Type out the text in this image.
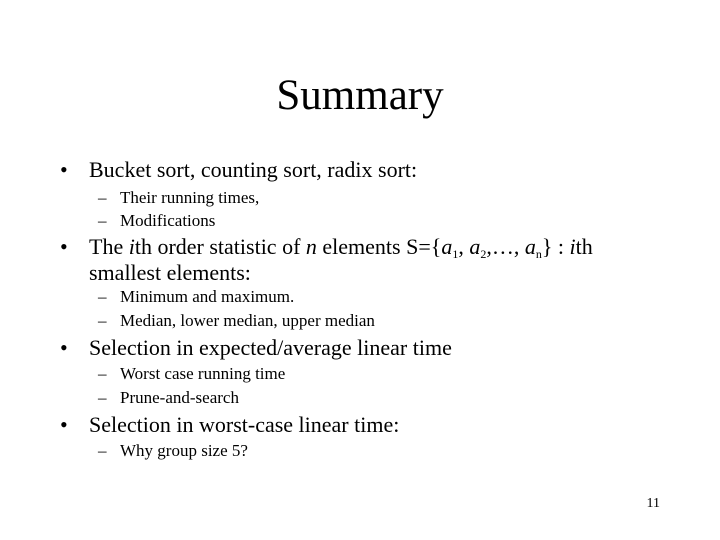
Summary
• Bucket sort, counting sort, radix sort:
– Their running times,
– Modifications
• The ith order statistic of n elements $S=\{a_1$, $a_2,\dots$, $a_n$} : ith
smallest elements:
– Minimum and maximum.
– Median, lower median, upper median
• Selection in expected/average linear time
– Worst case running time
– Prune-and-search
• Selection in worst-case linear time:
– Why group size 5?
11
